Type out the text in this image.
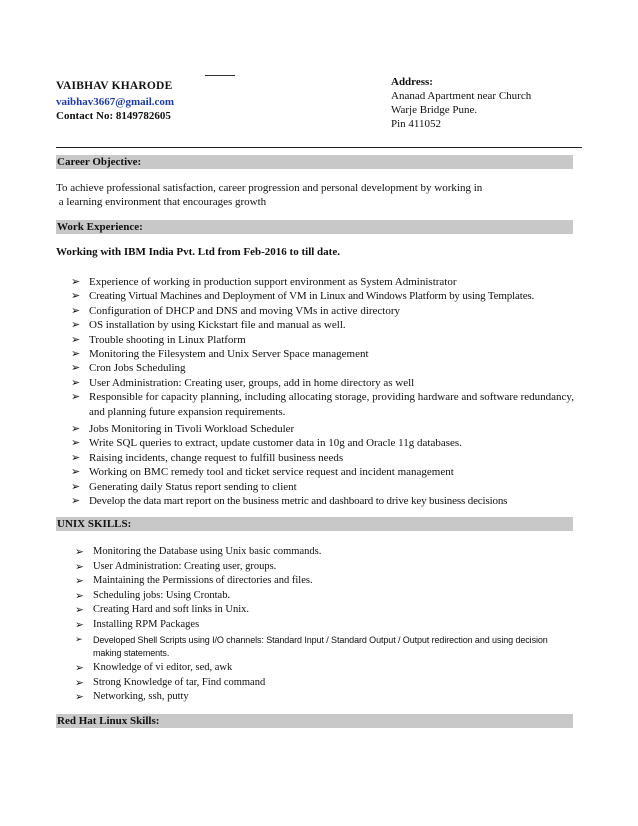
VAIBHAV KHARODE
vaibhav3667@gmail.com
Contact No: 8149782605
Address:
Ananad Apartment near Church
Warje Bridge Pune.
Pin 411052
Career Objective:
To achieve professional satisfaction, career progression and personal development by working in
a learning environment that encourages growth
Work Experience:
Working with IBM India Pvt. Ltd from Feb-2016 to till date.
➢ Experience of working in production support environment as System Administrator
➢ Creating Virtual Machines and Deployment of VM in Linux and Windows Platform by using Templates.
➢ Configuration of DHCP and DNS and moving VMs in active directory
➢ OS installation by using Kickstart file and manual as well.
➢ Trouble shooting in Linux Platform
➢ Monitoring the Filesystem and Unix Server Space management
➢ Cron Jobs Scheduling
➢ User Administration: Creating user, groups, add in home directory as well
➢ Responsible for capacity planning, including allocating storage, providing hardware and software redundancy, and planning future expansion requirements.
➢ Jobs Monitoring in Tivoli Workload Scheduler
➢ Write SQL queries to extract, update customer data in 10g and Oracle 11g databases.
➢ Raising incidents, change request to fulfill business needs
➢ Working on BMC remedy tool and ticket service request and incident management
➢ Generating daily Status report sending to client
➢ Develop the data mart report on the business metric and dashboard to drive key business decisions
UNIX SKILLS:
➢ Monitoring the Database using Unix basic commands.
➢ User Administration: Creating user, groups.
➢ Maintaining the Permissions of directories and files.
➢ Scheduling jobs: Using Crontab.
➢ Creating Hard and soft links in Unix.
➢ Installing RPM Packages
➢ Developed Shell Scripts using I/O channels: Standard Input / Standard Output / Output redirection and using decision making statements.
➢ Knowledge of vi editor, sed, awk
➢ Strong Knowledge of tar, Find command
➢ Networking, ssh, putty
Red Hat Linux Skills:
